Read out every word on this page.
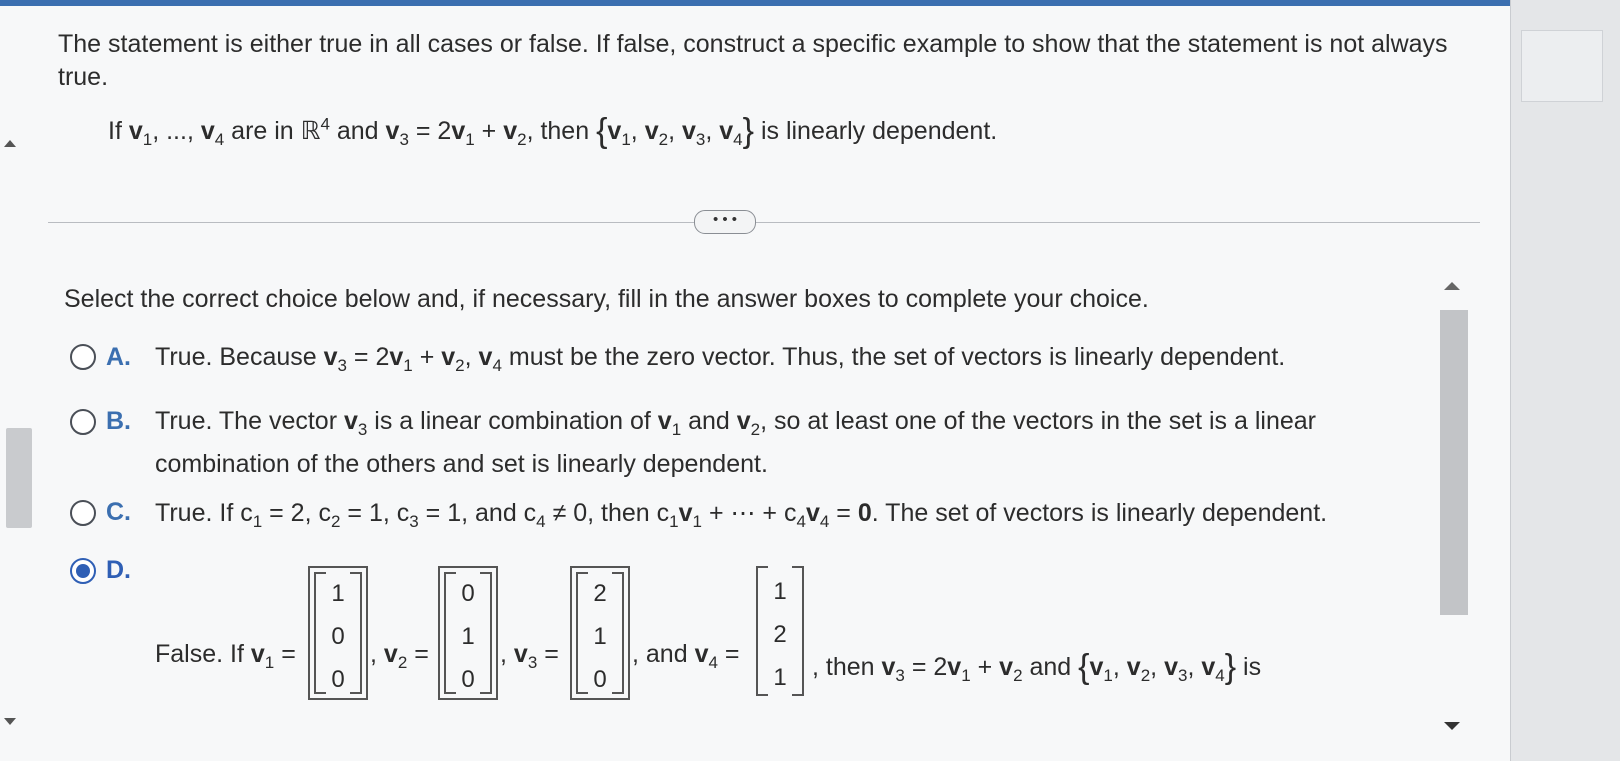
The statement is either true in all cases or false. If false, construct a specific example to show that the statement is not always true.
If $v_1$, ..., $v_4$ are in ℝ$^4$ and $v_3 = 2v_1 + v_2$, then {$v_1$, $v_2$, $v_3$, $v_4$} is linearly dependent.
• • •
Select the correct choice below and, if necessary, fill in the answer boxes to complete your choice.
A. True. Because $v_3 = 2v_1 + v_2$, $v_4$ must be the zero vector. Thus, the set of vectors is linearly dependent.
B. True. The vector $v_3$ is a linear combination of $v_1$ and $v_2$, so at least one of the vectors in the set is a linear
combination of the others and set is linearly dependent.
C. True. If $c_1 = 2$, $c_2 = 1$, $c_3 = 1$, and $c_4 \ne 0$, then $c_1v_1$ + ⋯ + $c_4v_4 = 0$. The set of vectors is linearly dependent.
D.
False. If $v_1$ =
1
0
0
, $v_2$ =
0
1
0
, $v_3$ =
2
1
0
, and $v_4$ =
1
2
1	, then $v_3 = 2v_1 + v_2$ and {$v_1$, $v_2$, $v_3$, $v_4$} is
